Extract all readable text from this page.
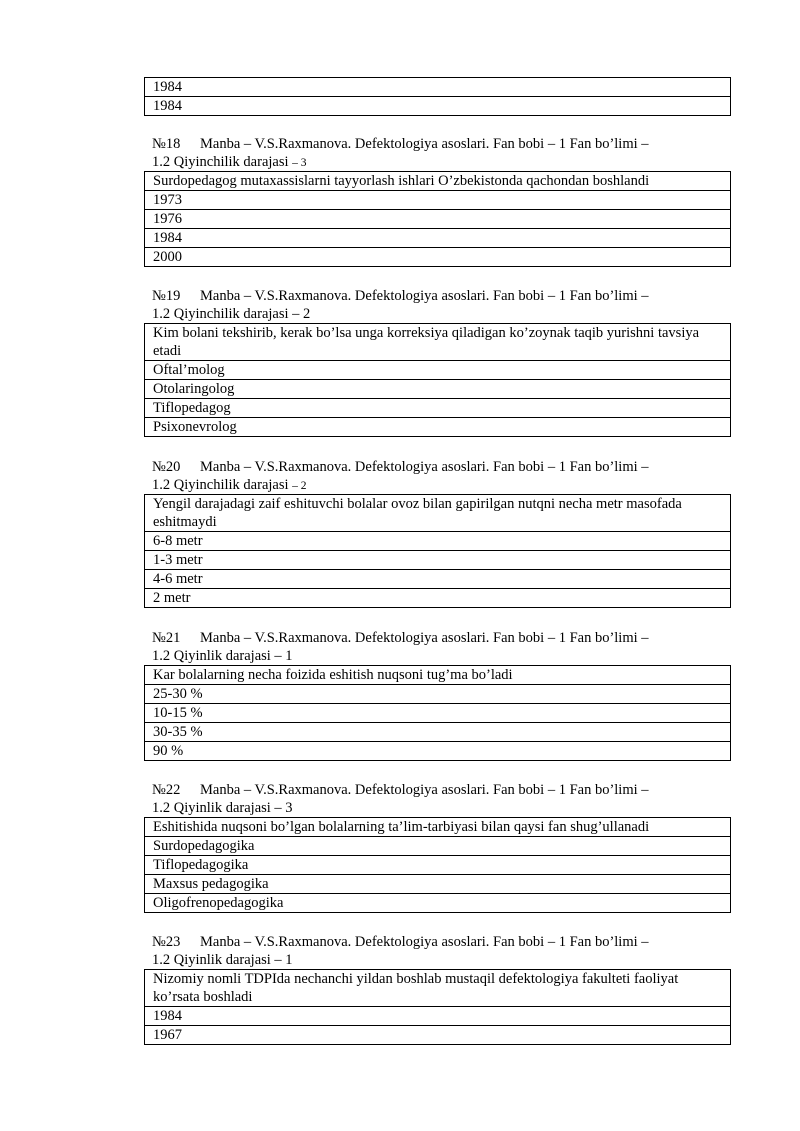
1984
1984
№18 Manba – V.S.Raxmanova. Defektologiya asoslari. Fan bobi – 1 Fan bo’limi –
1.2 Qiyinchilik darajasi – 3
Surdopedagog mutaxassislarni tayyorlash ishlari O’zbekistonda qachondan boshlandi
1973
1976
1984
2000
№19 Manba – V.S.Raxmanova. Defektologiya asoslari. Fan bobi – 1 Fan bo’limi –
1.2 Qiyinchilik darajasi – 2
Kim bolani tekshirib, kerak bo’lsa unga korreksiya qiladigan ko’zoynak taqib yurishni tavsiya etadi
Oftal’molog
Otolaringolog
Tiflopedagog
Psixonevrolog
№20 Manba – V.S.Raxmanova. Defektologiya asoslari. Fan bobi – 1 Fan bo’limi –
1.2 Qiyinchilik darajasi – 2
Yengil darajadagi zaif eshituvchi bolalar ovoz bilan gapirilgan nutqni necha metr masofada eshitmaydi
6-8 metr
1-3 metr
4-6 metr
2 metr
№21 Manba – V.S.Raxmanova. Defektologiya asoslari. Fan bobi – 1 Fan bo’limi –
1.2 Qiyinlik darajasi – 1
Kar bolalarning necha foizida eshitish nuqsoni tug’ma bo’ladi
25-30 %
10-15 %
30-35 %
90 %
№22 Manba – V.S.Raxmanova. Defektologiya asoslari. Fan bobi – 1 Fan bo’limi –
1.2 Qiyinlik darajasi – 3
Eshitishida nuqsoni bo’lgan bolalarning ta’lim-tarbiyasi bilan qaysi fan shug’ullanadi
Surdopedagogika
Tiflopedagogika
Maxsus pedagogika
Oligofrenopedagogika
№23 Manba – V.S.Raxmanova. Defektologiya asoslari. Fan bobi – 1 Fan bo’limi –
1.2 Qiyinlik darajasi – 1
Nizomiy nomli TDPIda nechanchi yildan boshlab mustaqil defektologiya fakulteti faoliyat ko’rsata boshladi
1984
1967
